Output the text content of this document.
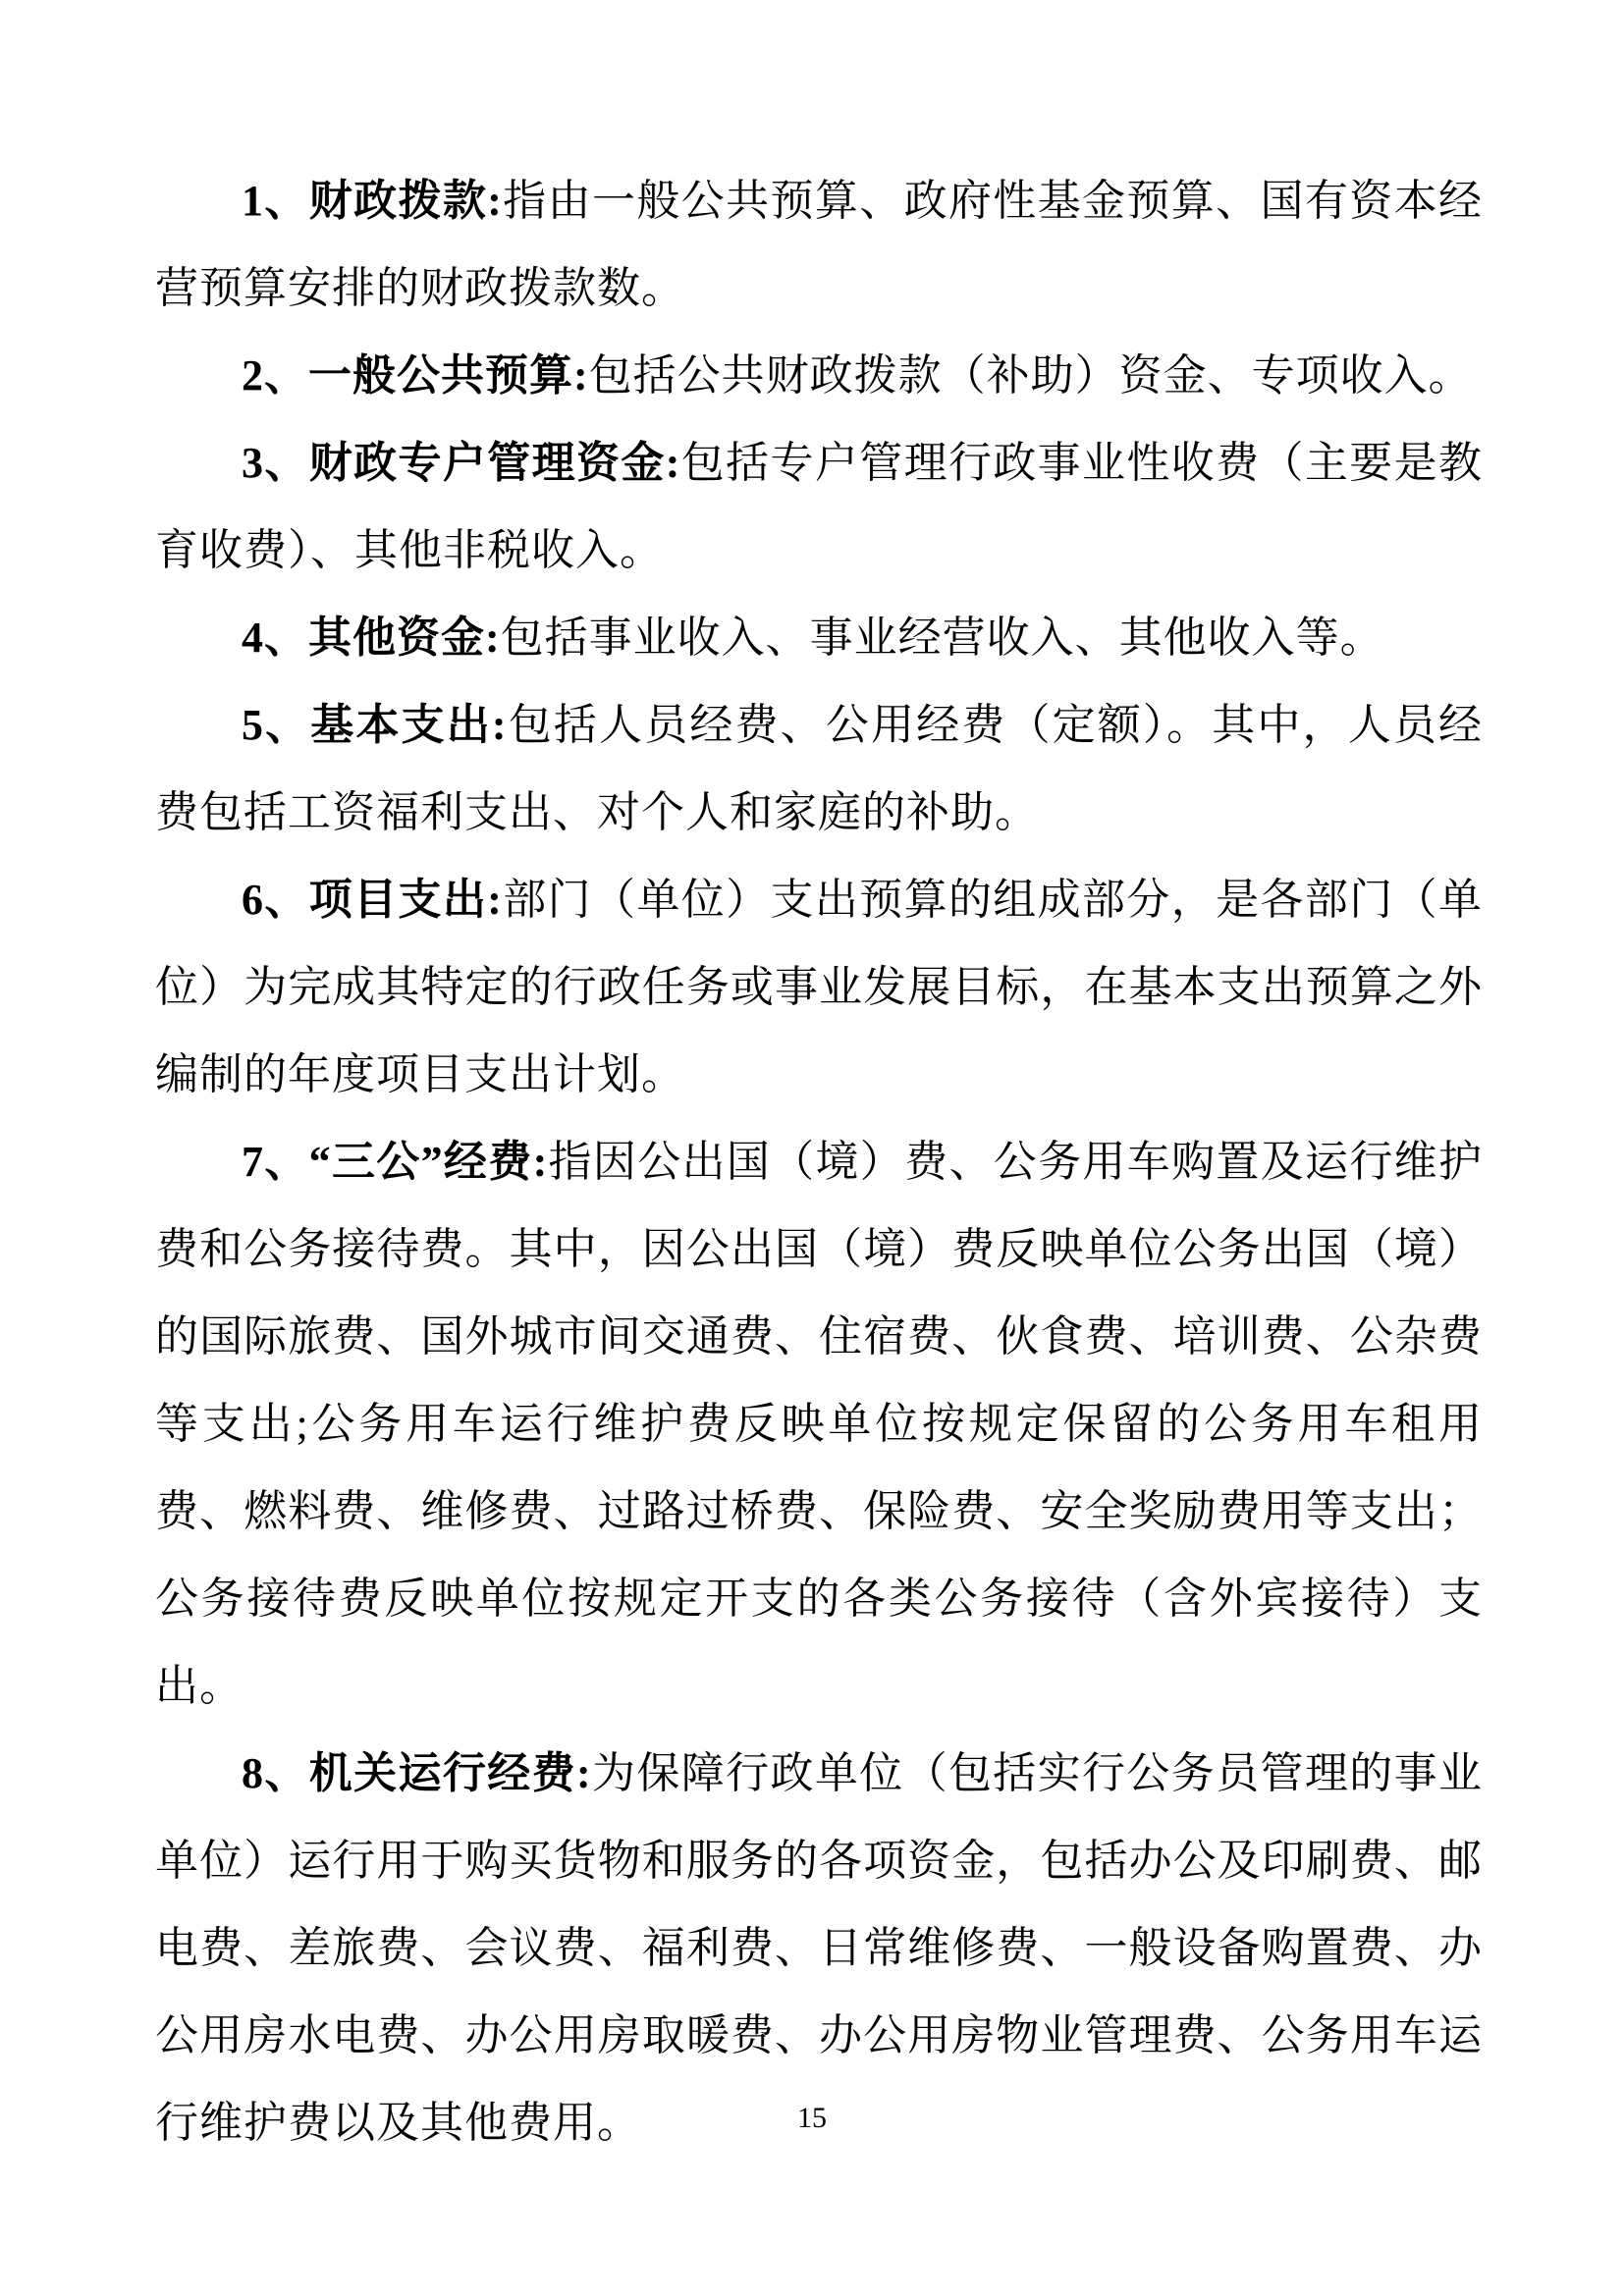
1、财政拨款:指由一般公共预算、政府性基金预算、国有资本经营预算安排的财政拨款数。

2、一般公共预算:包括公共财政拨款（补助）资金、专项收入。

3、财政专户管理资金:包括专户管理行政事业性收费（主要是教育收费）、其他非税收入。

4、其他资金:包括事业收入、事业经营收入、其他收入等。

5、基本支出:包括人员经费、公用经费（定额）。其中，人员经费包括工资福利支出、对个人和家庭的补助。

6、项目支出:部门（单位）支出预算的组成部分，是各部门（单位）为完成其特定的行政任务或事业发展目标，在基本支出预算之外编制的年度项目支出计划。

7、“三公”经费:指因公出国（境）费、公务用车购置及运行维护费和公务接待费。其中，因公出国（境）费反映单位公务出国（境）的国际旅费、国外城市间交通费、住宿费、伙食费、培训费、公杂费等支出;公务用车运行维护费反映单位按规定保留的公务用车租用费、燃料费、维修费、过路过桥费、保险费、安全奖励费用等支出；公务接待费反映单位按规定开支的各类公务接待（含外宾接待）支出。

8、机关运行经费:为保障行政单位（包括实行公务员管理的事业单位）运行用于购买货物和服务的各项资金，包括办公及印刷费、邮电费、差旅费、会议费、福利费、日常维修费、一般设备购置费、办公用房水电费、办公用房取暖费、办公用房物业管理费、公务用车运行维护费以及其他费用。	15
